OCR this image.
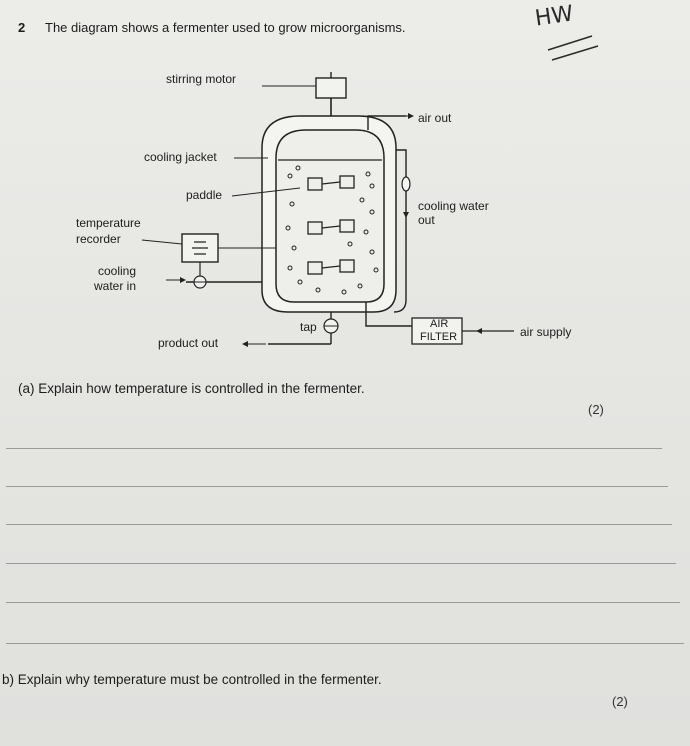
2 The diagram shows a fermenter used to grow microorganisms.	HW
stirring motor
air out
cooling jacket
paddle
cooling water
out
temperature
recorder
cooling
water in
tap	AIR
FILTER	air supply
product out
(a) Explain how temperature is controlled in the fermenter.
(2)
b) Explain why temperature must be controlled in the fermenter.
(2)
